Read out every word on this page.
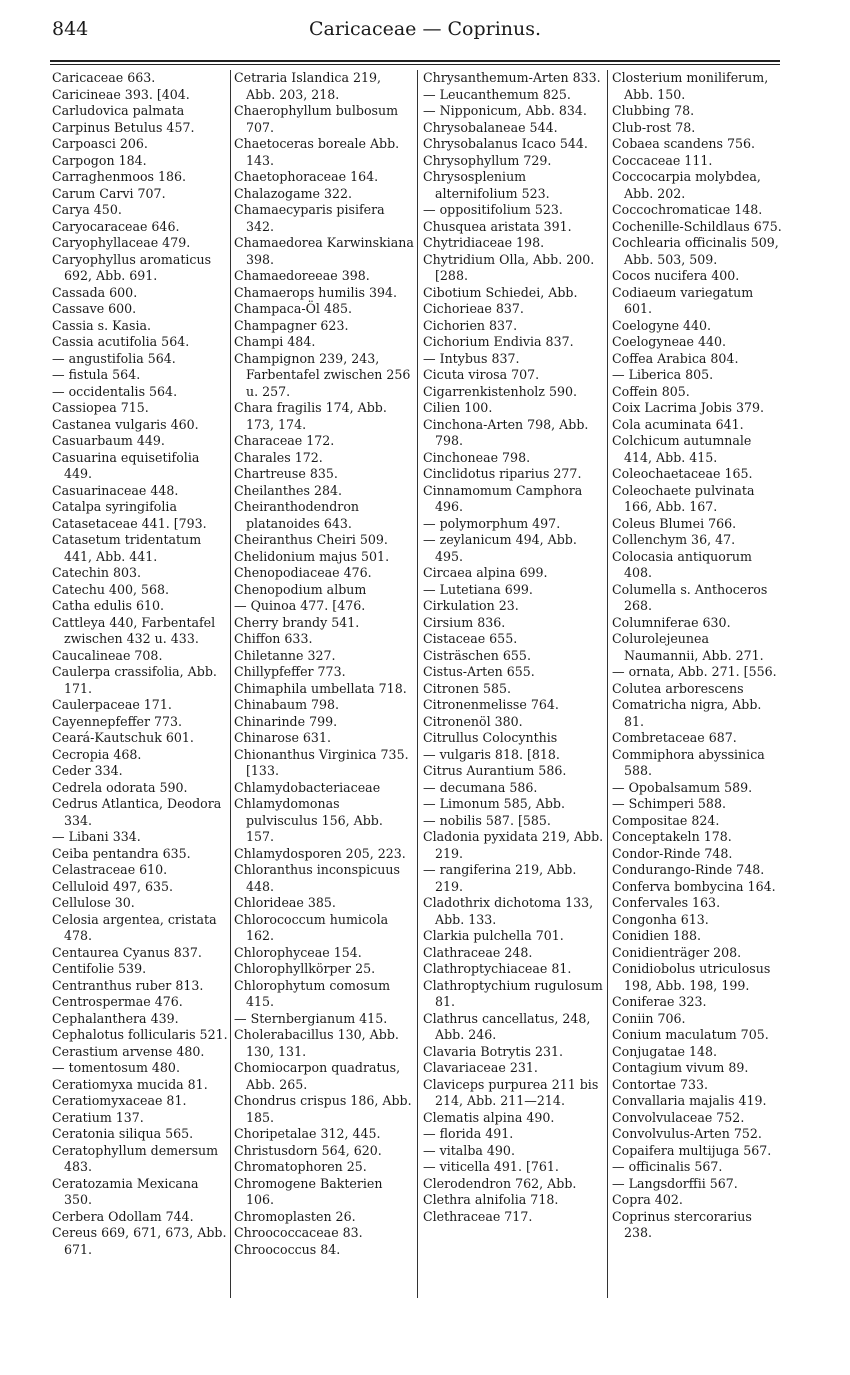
844	Caricaceae — Coprinus.
Caricaceae 663.
Caricineae 393. [404.
Carludovica palmata
Carpinus Betulus 457.
Carpoasci 206.
Carpogon 184.
Carraghenmoos 186.
Carum Carvi 707.
Carya 450.
Caryocaraceae 646.
Caryophyllaceae 479.
Caryophyllus aromaticus 692, Abb. 691.
Cassada 600.
Cassave 600.
Cassia s. Kasia.
Cassia acutifolia 564.
— angustifolia 564.
— fistula 564.
— occidentalis 564.
Cassiopea 715.
Castanea vulgaris 460.
Casuarbaum 449.
Casuarina equisetifolia 449.
Casuarinaceae 448.
Catalpa syringifolia
Catasetaceae 441. [793.
Catasetum tridentatum 441, Abb. 441.
Catechin 803.
Catechu 400, 568.
Catha edulis 610.
Cattleya 440, Farbentafel zwischen 432 u. 433.
Caucalineae 708.
Caulerpa crassifolia, Abb. 171.
Caulerpaceae 171.
Cayennepfeffer 773.
Ceará-Kautschuk 601.
Cecropia 468.
Ceder 334.
Cedrela odorata 590.
Cedrus Atlantica, Deodora 334.
— Libani 334.
Ceiba pentandra 635.
Celastraceae 610.
Celluloid 497, 635.
Cellulose 30.
Celosia argentea, cristata 478.
Centaurea Cyanus 837.
Centifolie 539.
Centranthus ruber 813.
Centrospermae 476.
Cephalanthera 439.
Cephalotus follicularis 521.
Cerastium arvense 480.
— tomentosum 480.
Ceratiomyxa mucida 81.
Ceratiomyxaceae 81.
Ceratium 137.
Ceratonia siliqua 565.
Ceratophyllum demersum 483.
Ceratozamia Mexicana 350.
Cerbera Odollam 744.
Cereus 669, 671, 673, Abb. 671.
Cetraria Islandica 219, Abb. 203, 218.
Chaerophyllum bulbosum 707.
Chaetoceras boreale Abb. 143.
Chaetophoraceae 164.
Chalazogame 322.
Chamaecyparis pisifera 342.
Chamaedorea Karwinskiana 398.
Chamaedoreeae 398.
Chamaerops humilis 394.
Champaca-Öl 485.
Champagner 623.
Champi 484.
Champignon 239, 243, Farbentafel zwischen 256 u. 257.
Chara fragilis 174, Abb. 173, 174.
Characeae 172.
Charales 172.
Chartreuse 835.
Cheilanthes 284.
Cheiranthodendron platanoides 643.
Cheiranthus Cheiri 509.
Chelidonium majus 501.
Chenopodiaceae 476.
Chenopodium album
— Quinoa 477. [476.
Cherry brandy 541.
Chiffon 633.
Chiletanne 327.
Chillypfeffer 773.
Chimaphila umbellata 718.
Chinabaum 798.
Chinarinde 799.
Chinarose 631.
Chionanthus Virginica 735. [133.
Chlamydobacteriaceae
Chlamydomonas pulvisculus 156, Abb. 157.
Chlamydosporen 205, 223.
Chloranthus inconspicuus 448.
Chlorideae 385.
Chlorococcum humicola 162.
Chlorophyceae 154.
Chlorophyllkörper 25.
Chlorophytum comosum 415.
— Sternbergianum 415.
Cholerabacillus 130, Abb. 130, 131.
Chomiocarpon quadratus, Abb. 265.
Chondrus crispus 186, Abb. 185.
Choripetalae 312, 445.
Christusdorn 564, 620.
Chromatophoren 25.
Chromogene Bakterien 106.
Chromoplasten 26.
Chroococcaceae 83.
Chroococcus 84.
Chrysanthemum-Arten 833.
— Leucanthemum 825.
— Nipponicum, Abb. 834.
Chrysobalaneae 544.
Chrysobalanus Icaco 544.
Chrysophyllum 729.
Chrysosplenium alternifolium 523.
— oppositifolium 523.
Chusquea aristata 391.
Chytridiaceae 198.
Chytridium Olla, Abb. 200. [288.
Cibotium Schiedei, Abb.
Cichorieae 837.
Cichorien 837.
Cichorium Endivia 837.
— Intybus 837.
Cicuta virosa 707.
Cigarrenkistenholz 590.
Cilien 100.
Cinchona-Arten 798, Abb. 798.
Cinchoneae 798.
Cinclidotus riparius 277.
Cinnamomum Camphora 496.
— polymorphum 497.
— zeylanicum 494, Abb. 495.
Circaea alpina 699.
— Lutetiana 699.
Cirkulation 23.
Cirsium 836.
Cistaceae 655.
Cisträschen 655.
Cistus-Arten 655.
Citronen 585.
Citronenmelisse 764.
Citronenöl 380.
Citrullus Colocynthis
— vulgaris 818. [818.
Citrus Aurantium 586.
— decumana 586.
— Limonum 585, Abb.
— nobilis 587. [585.
Cladonia pyxidata 219, Abb. 219.
— rangiferina 219, Abb. 219.
Cladothrix dichotoma 133, Abb. 133.
Clarkia pulchella 701.
Clathraceae 248.
Clathroptychiaceae 81.
Clathroptychium rugulosum 81.
Clathrus cancellatus, 248, Abb. 246.
Clavaria Botrytis 231.
Clavariaceae 231.
Claviceps purpurea 211 bis 214, Abb. 211—214.
Clematis alpina 490.
— florida 491.
— vitalba 490.
— viticella 491. [761.
Clerodendron 762, Abb.
Clethra alnifolia 718.
Clethraceae 717.
Closterium moniliferum, Abb. 150.
Clubbing 78.
Club-rost 78.
Cobaea scandens 756.
Coccaceae 111.
Coccocarpia molybdea, Abb. 202.
Coccochromaticae 148.
Cochenille-Schildlaus 675.
Cochlearia officinalis 509, Abb. 503, 509.
Cocos nucifera 400.
Codiaeum variegatum 601.
Coelogyne 440.
Coelogyneae 440.
Coffea Arabica 804.
— Liberica 805.
Coffein 805.
Coix Lacrima Jobis 379.
Cola acuminata 641.
Colchicum autumnale 414, Abb. 415.
Coleochaetaceae 165.
Coleochaete pulvinata 166, Abb. 167.
Coleus Blumei 766.
Collenchym 36, 47.
Colocasia antiquorum 408.
Columella s. Anthoceros 268.
Columniferae 630.
Colurolejeunea Naumannii, Abb. 271.
— ornata, Abb. 271. [556.
Colutea arborescens
Comatricha nigra, Abb. 81.
Combretaceae 687.
Commiphora abyssinica 588.
— Opobalsamum 589.
— Schimperi 588.
Compositae 824.
Conceptakeln 178.
Condor-Rinde 748.
Condurango-Rinde 748.
Conferva bombycina 164.
Confervales 163.
Congonha 613.
Conidien 188.
Conidienträger 208.
Conidiobolus utriculosus 198, Abb. 198, 199.
Coniferae 323.
Coniin 706.
Conium maculatum 705.
Conjugatae 148.
Contagium vivum 89.
Contortae 733.
Convallaria majalis 419.
Convolvulaceae 752.
Convolvulus-Arten 752.
Copaifera multijuga 567.
— officinalis 567.
— Langsdorffii 567.
Copra 402.
Coprinus stercorarius 238.
